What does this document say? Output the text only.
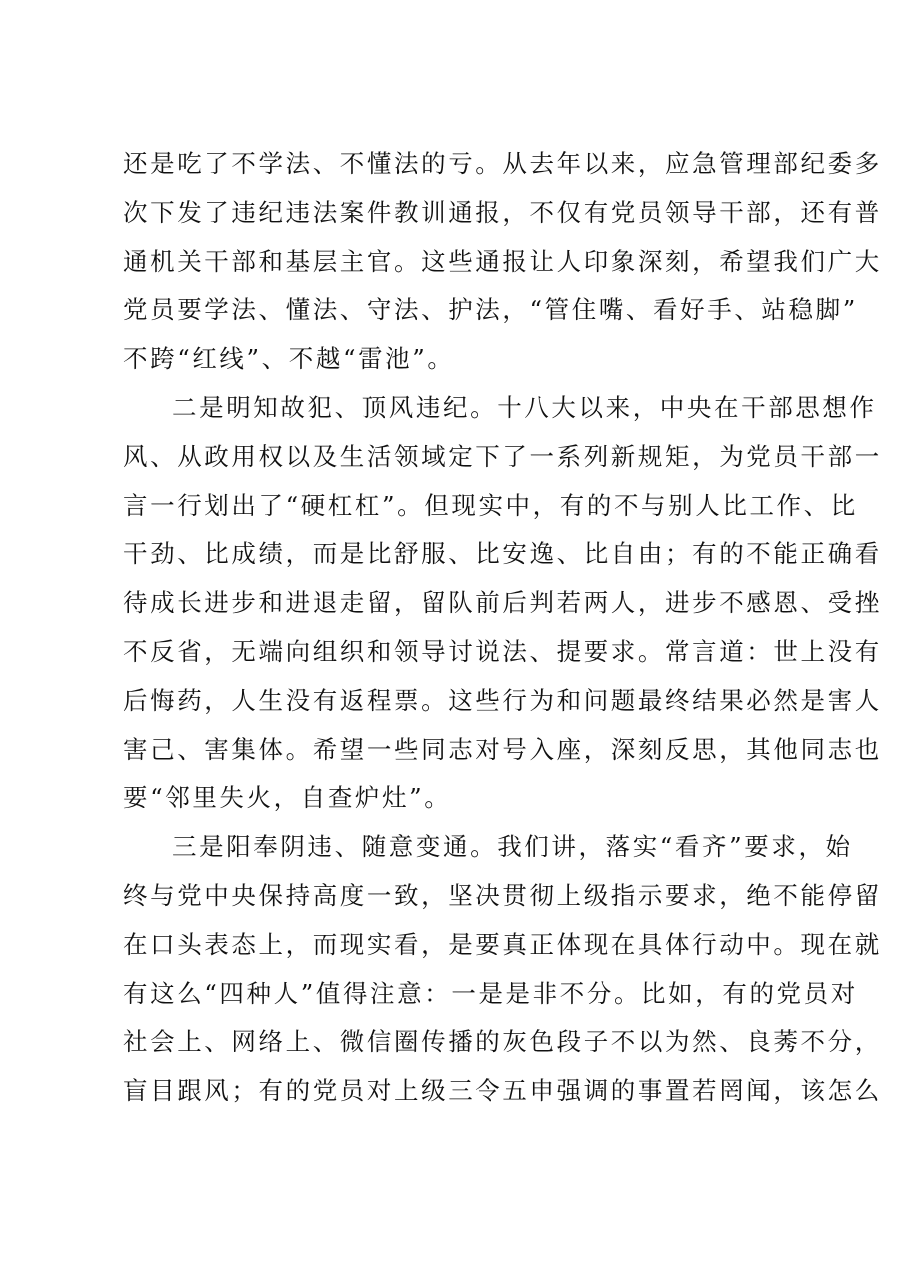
还是吃了不学法、不懂法的亏。从去年以来，应急管理部纪委多
次下发了违纪违法案件教训通报，不仅有党员领导干部，还有普
通机关干部和基层主官。这些通报让人印象深刻，希望我们广大
党员要学法、懂法、守法、护法，“管住嘴、看好手、站稳脚”
不跨“红线”、不越“雷池”。
二是明知故犯、顶风违纪。十八大以来，中央在干部思想作
风、从政用权以及生活领域定下了一系列新规矩，为党员干部一
言一行划出了“硬杠杠”。但现实中，有的不与别人比工作、比
干劲、比成绩，而是比舒服、比安逸、比自由；有的不能正确看
待成长进步和进退走留，留队前后判若两人，进步不感恩、受挫
不反省，无端向组织和领导讨说法、提要求。常言道：世上没有
后悔药，人生没有返程票。这些行为和问题最终结果必然是害人
害己、害集体。希望一些同志对号入座，深刻反思，其他同志也
要“邻里失火，自查炉灶”。
三是阳奉阴违、随意变通。我们讲，落实“看齐”要求，始
终与党中央保持高度一致，坚决贯彻上级指示要求，绝不能停留
在口头表态上，而现实看，是要真正体现在具体行动中。现在就
有这么“四种人”值得注意：一是是非不分。比如，有的党员对
社会上、网络上、微信圈传播的灰色段子不以为然、良莠不分，
盲目跟风；有的党员对上级三令五申强调的事置若罔闻，该怎么
